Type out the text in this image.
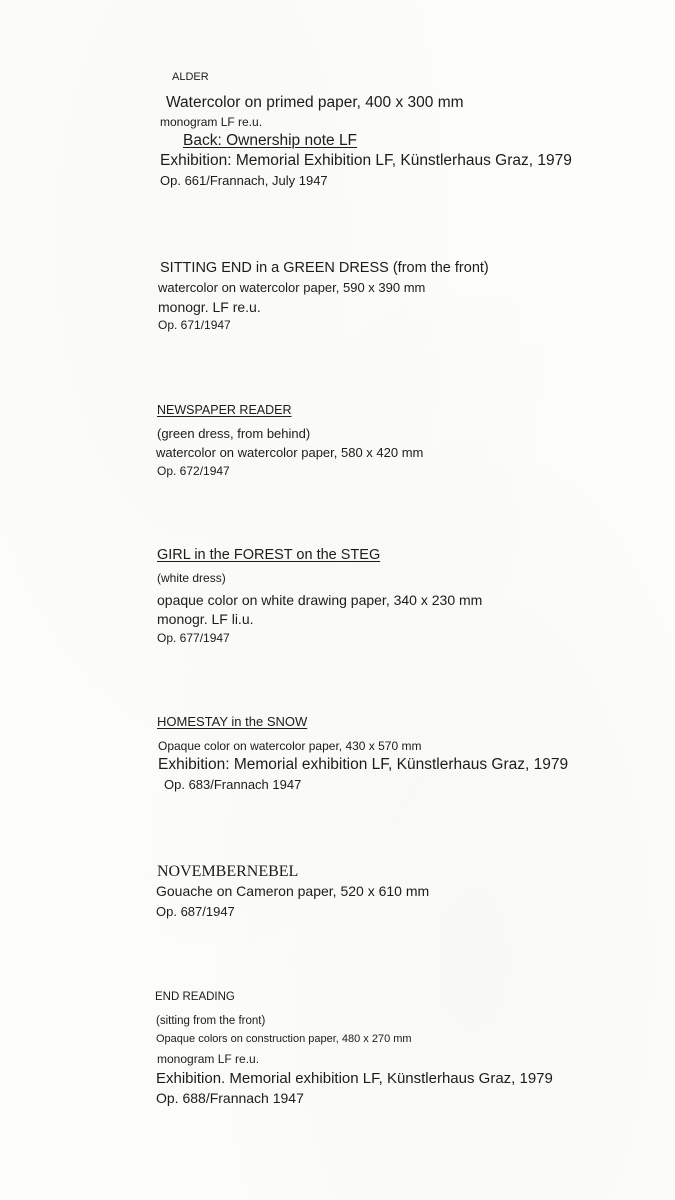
ALDER

Watercolor on primed paper, 400 x 300 mm

monogram LF re.u.

Back: Ownership note LF

Exhibition: Memorial Exhibition LF, Künstlerhaus Graz, 1979

Op. 661/Frannach, July 1947

SITTING END in a GREEN DRESS (from the front)

watercolor on watercolor paper, 590 x 390 mm

monogr. LF re.u.

Op. 671/1947

NEWSPAPER READER

(green dress, from behind)

watercolor on watercolor paper, 580 x 420 mm

Op. 672/1947

GIRL in the FOREST on the STEG

(white dress)

opaque color on white drawing paper, 340 x 230 mm

monogr. LF li.u.

Op. 677/1947

HOMESTAY in the SNOW

Opaque color on watercolor paper, 430 x 570 mm

Exhibition: Memorial exhibition LF, Künstlerhaus Graz, 1979

Op. 683/Frannach 1947

NOVEMBERNEBEL

Gouache on Cameron paper, 520 x 610 mm

Op. 687/1947

END READING

(sitting from the front)

Opaque colors on construction paper, 480 x 270 mm

monogram LF re.u.

Exhibition. Memorial exhibition LF, Künstlerhaus Graz, 1979

Op. 688/Frannach 1947
